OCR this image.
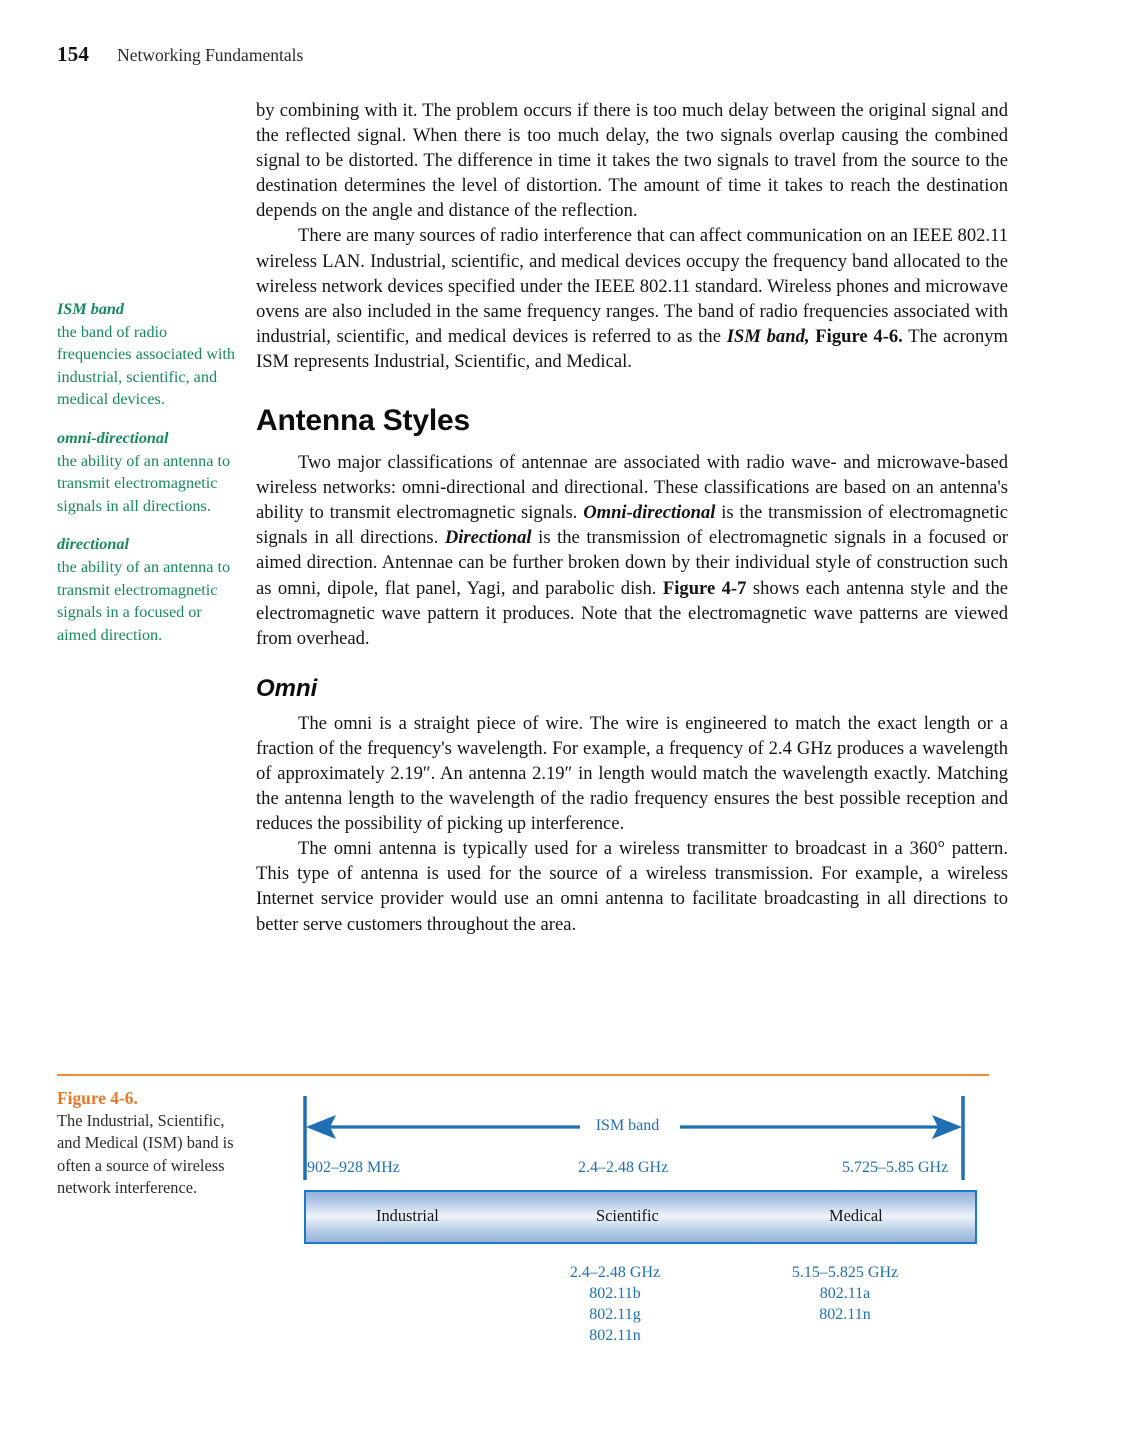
154 Networking Fundamentals
ISM band
the band of radio frequencies associated with industrial, scientific, and medical devices.
omni-directional
the ability of an antenna to transmit electromagnetic signals in all directions.
directional
the ability of an antenna to transmit electromagnetic signals in a focused or aimed direction.

by combining with it. The problem occurs if there is too much delay between the original signal and the reflected signal. When there is too much delay, the two signals overlap causing the combined signal to be distorted. The difference in time it takes the two signals to travel from the source to the destination determines the level of distortion. The amount of time it takes to reach the destination depends on the angle and distance of the reflection.

There are many sources of radio interference that can affect communication on an IEEE 802.11 wireless LAN. Industrial, scientific, and medical devices occupy the frequency band allocated to the wireless network devices specified under the IEEE 802.11 standard. Wireless phones and microwave ovens are also included in the same frequency ranges. The band of radio frequencies associated with industrial, scientific, and medical devices is referred to as the ISM band, Figure 4-6. The acronym ISM represents Industrial, Scientific, and Medical.

Antenna Styles

Two major classifications of antennae are associated with radio wave- and microwave-based wireless networks: omni-directional and directional. These classifications are based on an antenna's ability to transmit electromagnetic signals. Omni-directional is the transmission of electromagnetic signals in all directions. Directional is the transmission of electromagnetic signals in a focused or aimed direction. Antennae can be further broken down by their individual style of construction such as omni, dipole, flat panel, Yagi, and parabolic dish. Figure 4-7 shows each antenna style and the electromagnetic wave pattern it produces. Note that the electromagnetic wave patterns are viewed from overhead.

Omni

The omni is a straight piece of wire. The wire is engineered to match the exact length or a fraction of the frequency's wavelength. For example, a frequency of 2.4 GHz produces a wavelength of approximately 2.19″. An antenna 2.19″ in length would match the wavelength exactly. Matching the antenna length to the wavelength of the radio frequency ensures the best possible reception and reduces the possibility of picking up interference.

The omni antenna is typically used for a wireless transmitter to broadcast in a 360° pattern. This type of antenna is used for the source of a wireless transmission. For example, a wireless Internet service provider would use an omni antenna to facilitate broadcasting in all directions to better serve customers throughout the area.

Figure 4-6.
The Industrial, Scientific, and Medical (ISM) band is often a source of wireless network interference.
ISM band
902–928 MHz	2.4–2.48 GHz	5.725–5.85 GHz
Industrial	Scientific	Medical
2.4–2.48 GHz
802.11b
802.11g
802.11n
5.15–5.825 GHz
802.11a
802.11n
